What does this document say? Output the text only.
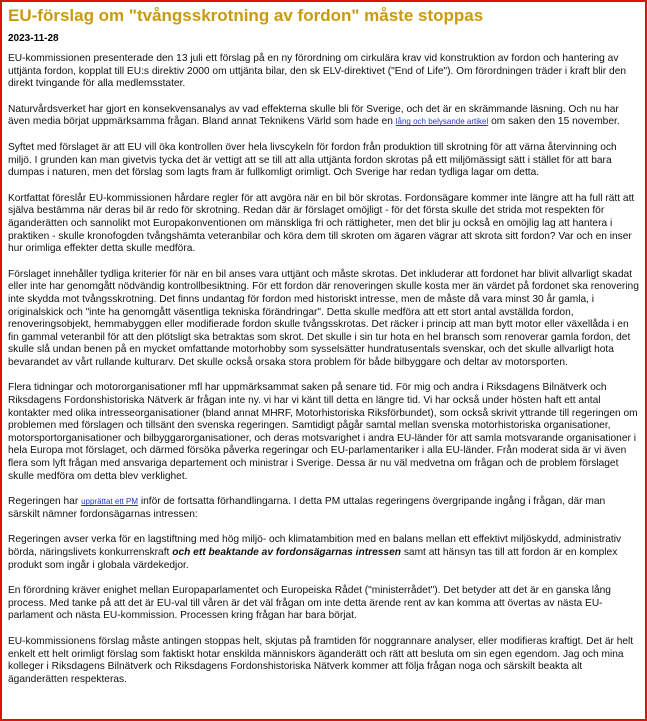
EU-förslag om "tvångsskrotning av fordon" måste stoppas
2023-11-28

EU-kommissionen presenterade den 13 juli ett förslag på en ny förordning om cirkulära krav vid konstruktion av fordon och hantering av uttjänta fordon, kopplat till EU:s direktiv 2000 om uttjänta bilar, den sk ELV-direktivet ("End of Life"). Om förordningen träder i kraft blir den direkt tvingande för alla medlemsstater.

Naturvårdsverket har gjort en konsekvensanalys av vad effekterna skulle bli för Sverige, och det är en skrämmande läsning. Och nu har även media börjat uppmärksamma frågan. Bland annat Teknikens Värld som hade en lång och belysande artikel om saken den 15 november.

Syftet med förslaget är att EU vill öka kontrollen över hela livscykeln för fordon från produktion till skrotning för att värna återvinning och miljö. I grunden kan man givetvis tycka det är vettigt att se till att alla uttjänta fordon skrotas på ett miljömässigt sätt i stället för att bara dumpas i naturen, men det förslag som lagts fram är fullkomligt orimligt. Och Sverige har redan tydliga lagar om detta.

Kortfattat föreslår EU-kommissionen hårdare regler för att avgöra när en bil bör skrotas. Fordonsägare kommer inte längre att ha full rätt att själva bestämma när deras bil är redo för skrotning. Redan där är förslaget omöjligt - för det första skulle det strida mot respekten för äganderätten och sannolikt mot Europakonventionen om mänskliga fri och rättigheter, men det blir ju också en omöjlig lag att hantera i praktiken - skulle kronofogden tvångshämta veteranbilar och köra dem till skroten om ägaren vägrar att skrota sitt fordon? Var och en inser hur orimliga effekter detta skulle medföra.

Förslaget innehåller tydliga kriterier för när en bil anses vara uttjänt och måste skrotas. Det inkluderar att fordonet har blivit allvarligt skadat eller inte har genomgått nödvändig kontrollbesiktning. För ett fordon där renoveringen skulle kosta mer än värdet på fordonet ska renovering inte skydda mot tvångsskrotning. Det finns undantag för fordon med historiskt intresse, men de måste då vara minst 30 år gamla, i originalskick och "inte ha genomgått väsentliga tekniska förändringar". Detta skulle medföra att ett stort antal avställda fordon, renoveringsobjekt, hemmabyggen eller modifierade fordon skulle tvångsskrotas. Det räcker i princip att man bytt motor eller växellåda i en fin gammal veteranbil för att den plötsligt ska betraktas som skrot. Det skulle i sin tur hota en hel bransch som renoverar gamla fordon, det skulle slå undan benen på en mycket omfattande motorhobby som sysselsätter hundratusentals svenskar, och det skulle allvarligt hota bevarandet av vårt rullande kulturarv. Det skulle också orsaka stora problem för både bilbyggare och deltar av motorsporten.

Flera tidningar och motororganisationer mfl har uppmärksammat saken på senare tid. För mig och andra i Riksdagens Bilnätverk och Riksdagens Fordonshistoriska Nätverk är frågan inte ny. vi har vi känt till detta en längre tid. Vi har också under hösten haft ett antal kontakter med olika intresseorganisationer (bland annat MHRF, Motorhistoriska Riksförbundet), som också skrivit yttrande till regeringen om problemen med förslagen och tillsänt den svenska regeringen. Samtidigt pågår samtal mellan svenska motorhistoriska organisationer, motorsportorganisationer och bilbyggarorganisationer, och deras motsvarighet i andra EU-länder för att samla motsvarande organisationer i hela Europa mot förslaget, och därmed försöka påverka regeringar och EU-parlamentariker i alla EU-länder. Från moderat sida är vi även flera som lyft frågan med ansvariga departement och ministrar i Sverige. Dessa är nu väl medvetna om frågan och de problem förslaget skulle medföra om detta blev verklighet.

Regeringen har upprättat ett PM inför de fortsatta förhandlingarna. I detta PM uttalas regeringens övergripande ingång i frågan, där man särskilt nämner fordonsägarnas intressen:

Regeringen avser verka för en lagstiftning med hög miljö- och klimatambition med en balans mellan ett effektivt miljöskydd, administrativ börda, näringslivets konkurrenskraft och ett beaktande av fordonsägarnas intressen samt att hänsyn tas till att fordon är en komplex produkt som ingår i globala värdekedjor.

En förordning kräver enighet mellan Europaparlamentet och Europeiska Rådet ("ministerrådet"). Det betyder att det är en ganska lång process. Med tanke på att det är EU-val till våren är det väl frågan om inte detta ärende rent av kan komma att övertas av nästa EU-parlament och nästa EU-kommission. Processen kring frågan har bara börjat.

EU-kommissionens förslag måste antingen stoppas helt, skjutas på framtiden för noggrannare analyser, eller modifieras kraftigt. Det är helt enkelt ett helt orimligt förslag som faktiskt hotar enskilda människors äganderätt och rätt att besluta om sin egen egendom. Jag och mina kolleger i Riksdagens Bilnätverk och Riksdagens Fordonshistoriska Nätverk kommer att följa frågan noga och särskilt beakta alt äganderätten respekteras.
